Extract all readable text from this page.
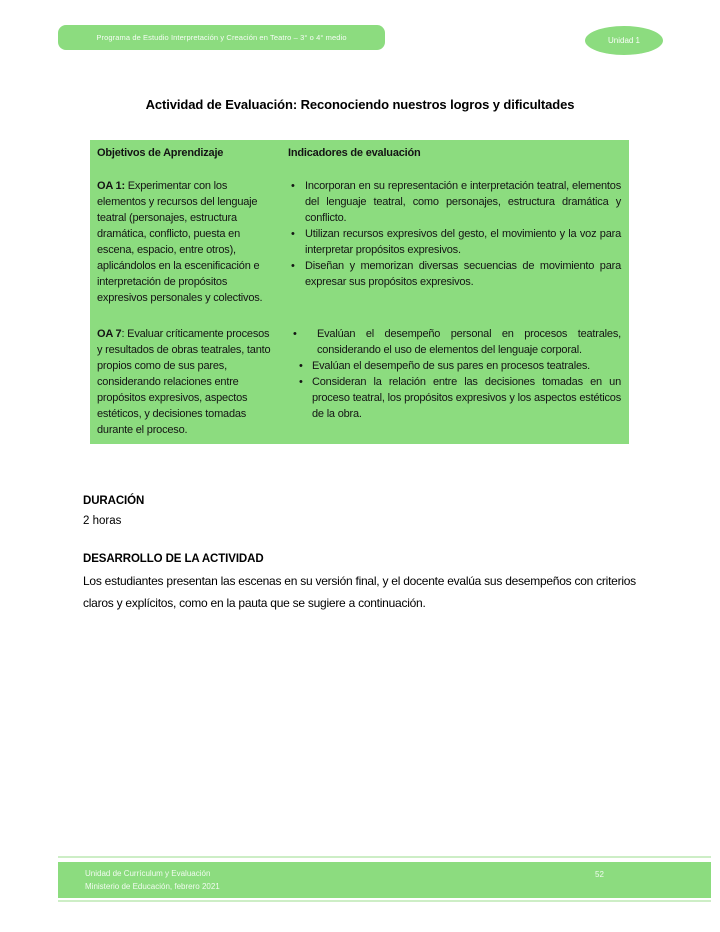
Programa de Estudio Interpretación y Creación en Teatro – 3° o 4° medio	Unidad 1
Actividad de Evaluación: Reconociendo nuestros logros y dificultades
Objetivos de Aprendizaje	Indicadores de evaluación

OA 1: Experimentar con los elementos y recursos del lenguaje teatral (personajes, estructura dramática, conflicto, puesta en escena, espacio, entre otros), aplicándolos en la escenificación e interpretación de propósitos expresivos personales y colectivos.

• Incorporan en su representación e interpretación teatral, elementos del lenguaje teatral, como personajes, estructura dramática y conflicto.
• Utilizan recursos expresivos del gesto, el movimiento y la voz para interpretar propósitos expresivos.
• Diseñan y memorizan diversas secuencias de movimiento para expresar sus propósitos expresivos.

OA 7: Evaluar críticamente procesos y resultados de obras teatrales, tanto propios como de sus pares, considerando relaciones entre propósitos expresivos, aspectos estéticos, y decisiones tomadas durante el proceso.

• Evalúan el desempeño personal en procesos teatrales, considerando el uso de elementos del lenguaje corporal.
• Evalúan el desempeño de sus pares en procesos teatrales.
• Consideran la relación entre las decisiones tomadas en un proceso teatral, los propósitos expresivos y los aspectos estéticos de la obra.
DURACIÓN
2 horas
DESARROLLO DE LA ACTIVIDAD

Los estudiantes presentan las escenas en su versión final, y el docente evalúa sus desempeños con criterios claros y explícitos, como en la pauta que se sugiere a continuación.

Unidad de Currículum y Evaluación
Ministerio de Educación, febrero 2021
52
